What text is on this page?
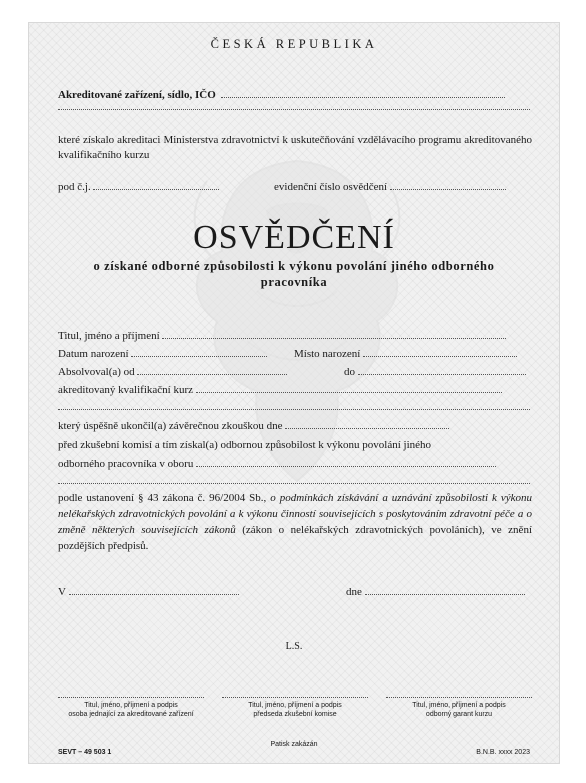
ČESKÁ REPUBLIKA
Akreditované zařízení, sídlo, IČO
které získalo akreditaci Ministerstva zdravotnictví k uskutečňování vzdělávacího programu akreditovaného kvalifikačního kurzu
pod č.j.	evidenční číslo osvědčení
OSVĚDČENÍ
o získané odborné způsobilosti k výkonu povolání jiného odborného pracovníka
Titul, jméno a příjmení
Datum narození	Místo narození
Absolvoval(a) od	do
akreditovaný kvalifikační kurz
který úspěšně ukončil(a) závěrečnou zkouškou dne
před zkušební komisí a tím získal(a) odbornou způsobilost k výkonu povolání jiného
odborného pracovníka v oboru
podle ustanovení § 43 zákona č. 96/2004 Sb., o podmínkách získávání a uznávání způsobilosti k výkonu nelékařských zdravotnických povolání a k výkonu činností souvisejících s poskytováním zdravotní péče a o změně některých souvisejících zákonů (zákon o nelékařských zdravotnických povoláních), ve znění pozdějších předpisů.
V	dne
L.S.
Titul, jméno, příjmení a podpis
osoba jednající za akreditované zařízení
Titul, jméno, příjmení a podpis
předseda zkušební komise
Titul, jméno, příjmení a podpis
odborný garant kurzu
SEVT – 49 503 1
Patisk zakázán
B.N.B. xxxx 2023
